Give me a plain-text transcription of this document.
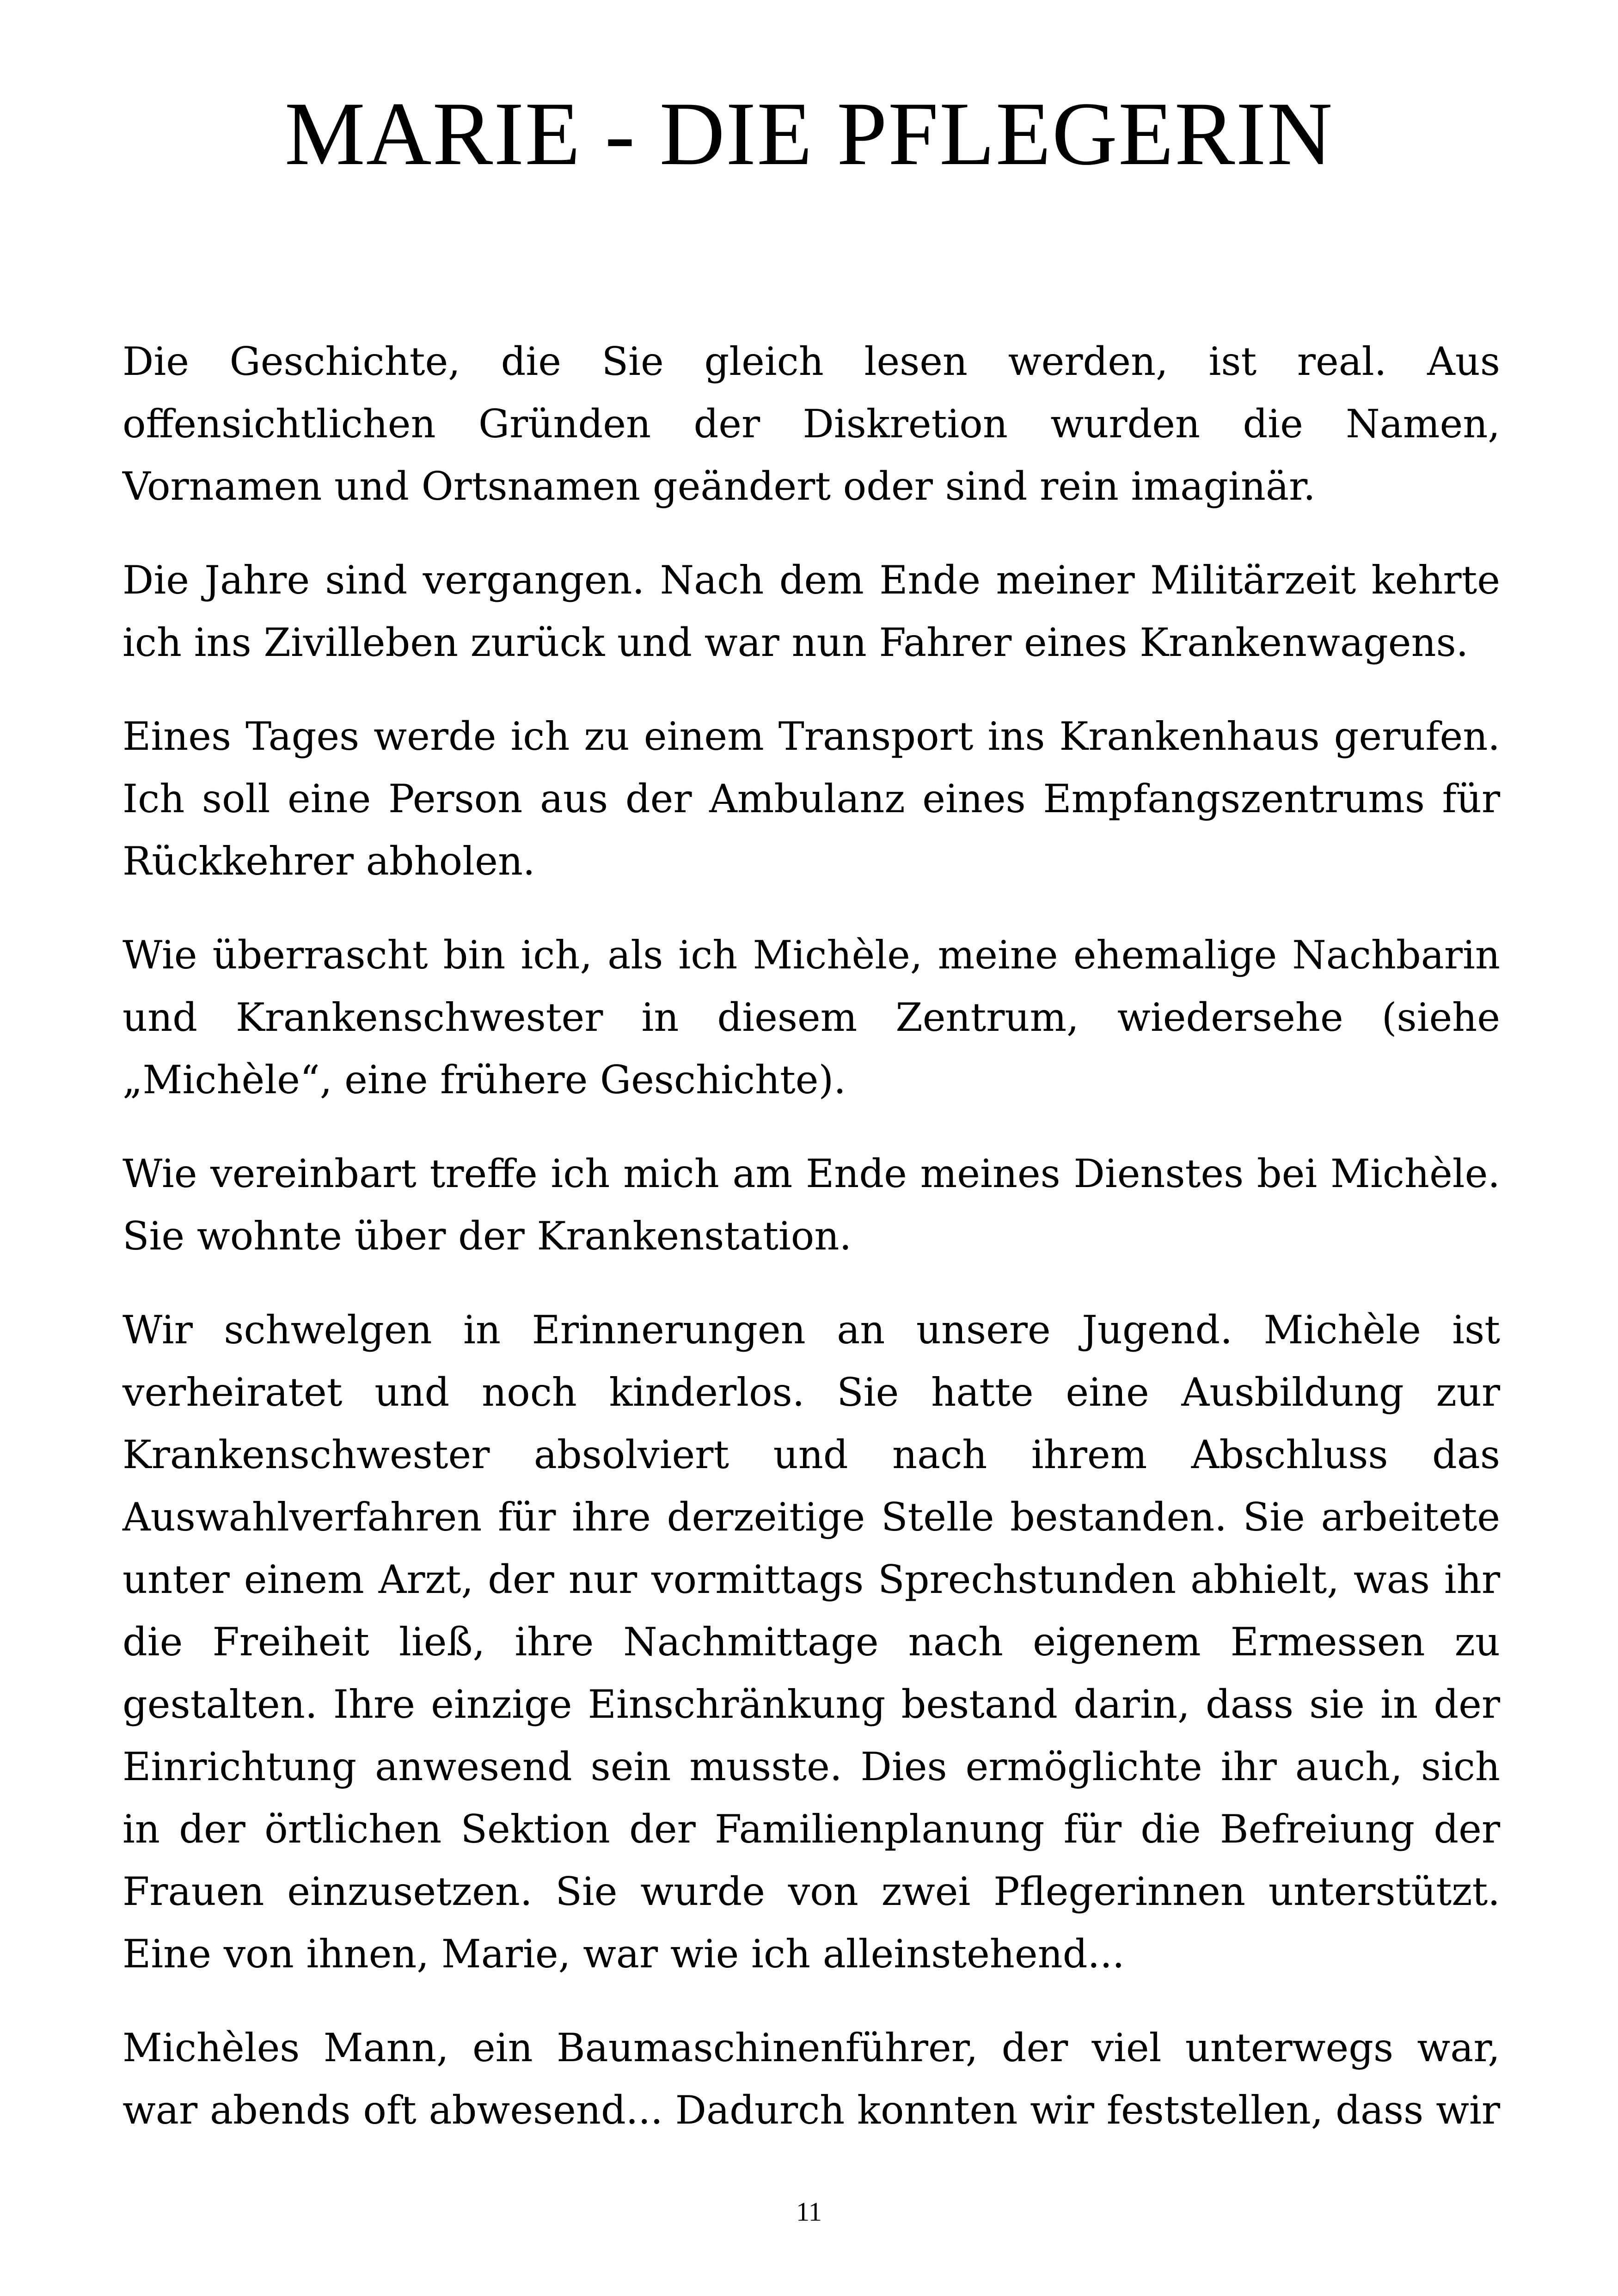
MARIE - DIE PFLEGERIN

Die Geschichte, die Sie gleich lesen werden, ist real. Aus offensichtlichen Gründen der Diskretion wurden die Namen, Vornamen und Ortsnamen geändert oder sind rein imaginär.

Die Jahre sind vergangen. Nach dem Ende meiner Militärzeit kehrte ich ins Zivilleben zurück und war nun Fahrer eines Krankenwagens.

Eines Tages werde ich zu einem Transport ins Krankenhaus gerufen. Ich soll eine Person aus der Ambulanz eines Empfangszentrums für Rückkehrer abholen.

Wie überrascht bin ich, als ich Michèle, meine ehemalige Nachbarin und Krankenschwester in diesem Zentrum, wiedersehe (siehe „Michèle“, eine frühere Geschichte).

Wie vereinbart treffe ich mich am Ende meines Dienstes bei Michèle. Sie wohnte über der Krankenstation.

Wir schwelgen in Erinnerungen an unsere Jugend. Michèle ist verheiratet und noch kinderlos. Sie hatte eine Ausbildung zur Krankenschwester absolviert und nach ihrem Abschluss das Auswahlverfahren für ihre derzeitige Stelle bestanden. Sie arbeitete unter einem Arzt, der nur vormittags Sprechstunden abhielt, was ihr die Freiheit ließ, ihre Nachmittage nach eigenem Ermessen zu gestalten. Ihre einzige Einschränkung bestand darin, dass sie in der Einrichtung anwesend sein musste. Dies ermöglichte ihr auch, sich in der örtlichen Sektion der Familienplanung für die Befreiung der Frauen einzusetzen. Sie wurde von zwei Pflegerinnen unterstützt. Eine von ihnen, Marie, war wie ich alleinstehend...

Michèles Mann, ein Baumaschinenführer, der viel unterwegs war, war abends oft abwesend... Dadurch konnten wir feststellen, dass wir

11
